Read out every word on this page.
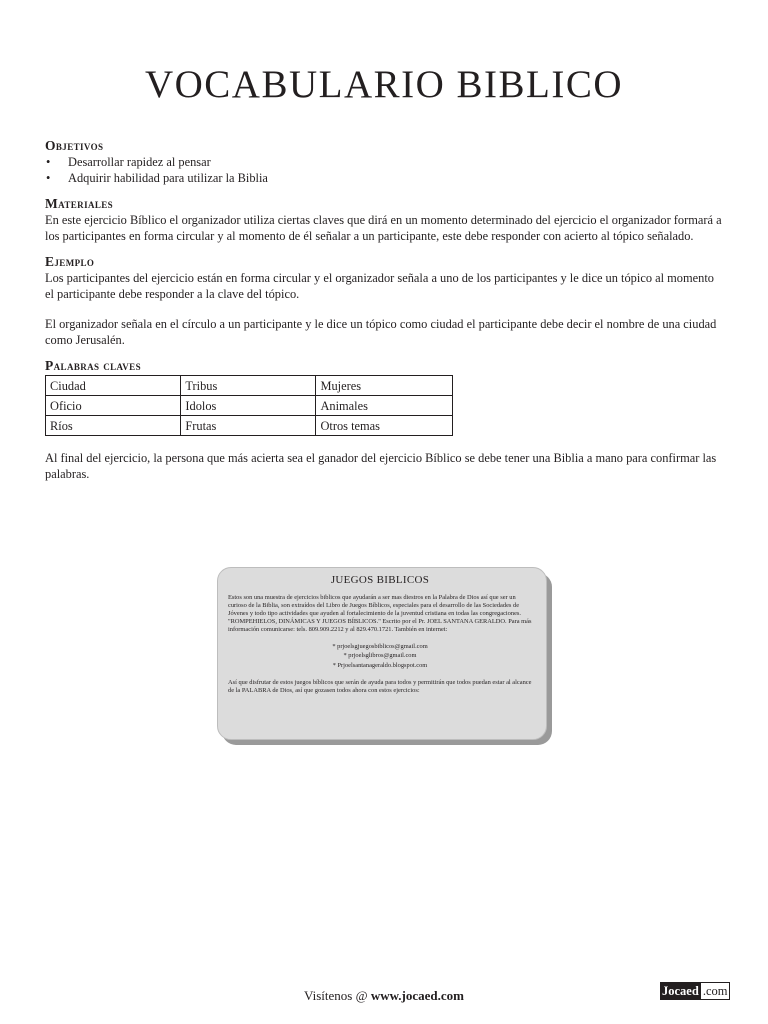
VOCABULARIO BIBLICO
Objetivos
• Desarrollar rapidez al pensar
• Adquirir habilidad para utilizar la Biblia
Materiales

En este ejercicio Bíblico el organizador utiliza ciertas claves que dirá en un momento determinado del ejercicio el organizador formará a los participantes en forma circular y al momento de él señalar a un participante, este debe responder con acierto al tópico señalado.

Ejemplo

Los participantes del ejercicio están en forma circular y el organizador señala a uno de los participantes y le dice un tópico al momento el participante debe responder a la clave del tópico.

El organizador señala en el círculo a un participante y le dice un tópico como ciudad el participante debe decir el nombre de una ciudad como Jerusalén.

Palabras claves
Ciudad	Tribus	Mujeres
Oficio	Idolos	Animales
Ríos	Frutas	Otros temas

Al final del ejercicio, la persona que más acierta sea el ganador del ejercicio Bíblico se debe tener una Biblia a mano para confirmar las palabras.

JUEGOS BIBLICOS

Estos son una muestra de ejercicios biblicos que ayudarán a ser mas diestros en la Palabra de Dios así que ser un curioso de la Biblia, son extraídos del Libro de Juegos Bíblicos, especiales para el desarrollo de las Sociedades de Jóvenes y todo tipo actividades que ayuden al fortalecimiento de la juventud cristiana en todas las congregaciones. "ROMPEHIELOS, DINÁMICAS Y JUEGOS BÍBLICOS." Escrito por el Pr. JOEL SANTANA GERALDO. Para más información comunicarse: tels. 809.909.2212 y al 829.470.1721. También en internet:

* prjoelsgjuegosbiblicos@gmail.com
* prjoelsglibros@gmail.com
* Prjoelsantanageraldo.blogspot.com

Así que disfrutar de estos juegos bíblicos que serán de ayuda para todos y permitirán que todos puedan estar al alcance de la PALABRA de Dios, así que gozasen todos ahora con estos ejercicios:

Visítenos @ www.jocaed.com	Jocaed .com
